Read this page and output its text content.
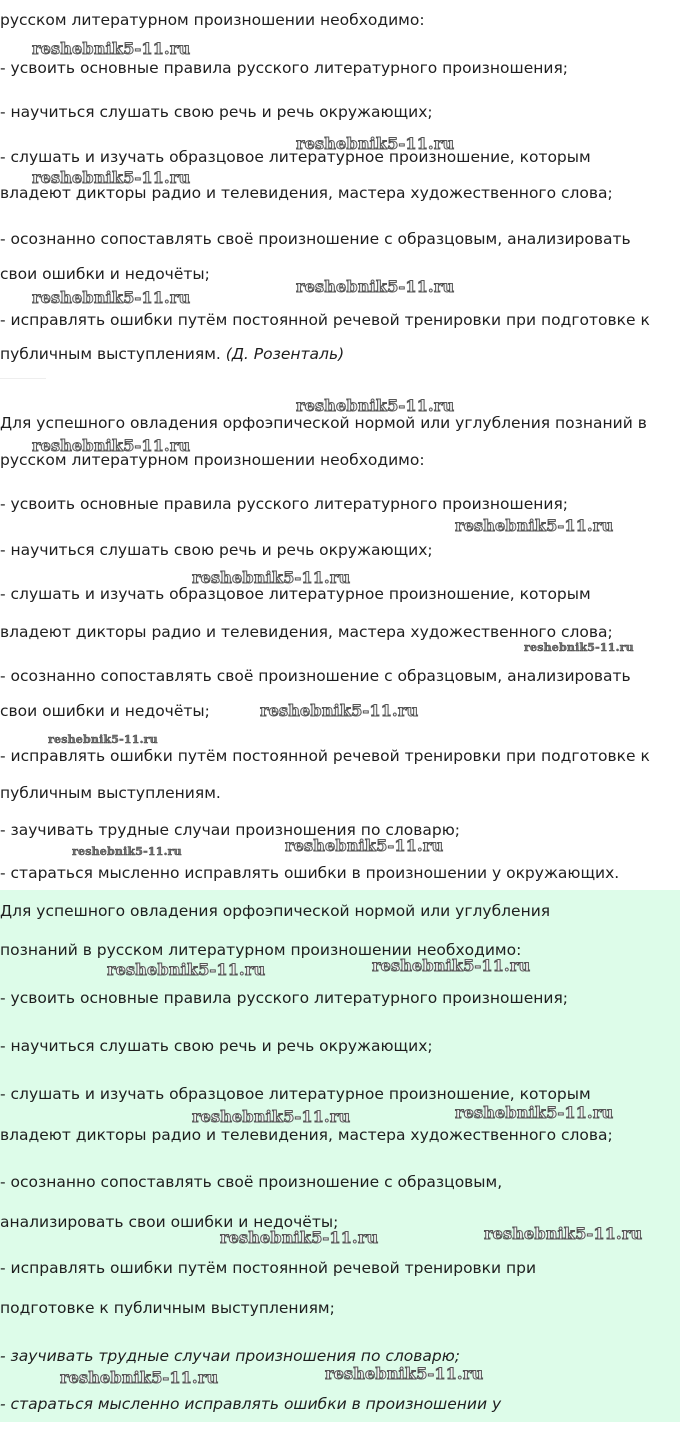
русском литературном произношении необходимо:

- усвоить основные правила русского литературного произношения;

- научиться слушать свою речь и речь окружающих;

- слушать и изучать образцовое литературное произношение, которым

владеют дикторы радио и телевидения, мастера художественного слова;

- осознанно сопоставлять своё произношение с образцовым, анализировать

свои ошибки и недочёты;

- исправлять ошибки путём постоянной речевой тренировки при подготовке к

публичным выступлениям. (Д. Розенталь)

Для успешного овладения орфоэпической нормой или углубления познаний в

русском литературном произношении необходимо:

- усвоить основные правила русского литературного произношения;

- научиться слушать свою речь и речь окружающих;

- слушать и изучать образцовое литературное произношение, которым

владеют дикторы радио и телевидения, мастера художественного слова;

- осознанно сопоставлять своё произношение с образцовым, анализировать

свои ошибки и недочёты;

- исправлять ошибки путём постоянной речевой тренировки при подготовке к

публичным выступлениям.

- заучивать трудные случаи произношения по словарю;

- стараться мысленно исправлять ошибки в произношении у окружающих.

Для успешного овладения орфоэпической нормой или углубления

познаний в русском литературном произношении необходимо:

- усвоить основные правила русского литературного произношения;

- научиться слушать свою речь и речь окружающих;

- слушать и изучать образцовое литературное произношение, которым

владеют дикторы радио и телевидения, мастера художественного слова;

- осознанно сопоставлять своё произношение с образцовым,

анализировать свои ошибки и недочёты;

- исправлять ошибки путём постоянной речевой тренировки при

подготовке к публичным выступлениям;

- заучивать трудные случаи произношения по словарю;

- стараться мысленно исправлять ошибки в произношении у

reshebnik5-11.ru
reshebnik5-11.ru
reshebnik5-11.ru
reshebnik5-11.ru
reshebnik5-11.ru
reshebnik5-11.ru
reshebnik5-11.ru
reshebnik5-11.ru
reshebnik5-11.ru
reshebnik5-11.ru
reshebnik5-11.ru
reshebnik5-11.ru
reshebnik5-11.ru
reshebnik5-11.ru
reshebnik5-11.ru	reshebnik5-11.ru
reshebnik5-11.ru	reshebnik5-11.ru
reshebnik5-11.ru	reshebnik5-11.ru
reshebnik5-11.ru	reshebnik5-11.ru
